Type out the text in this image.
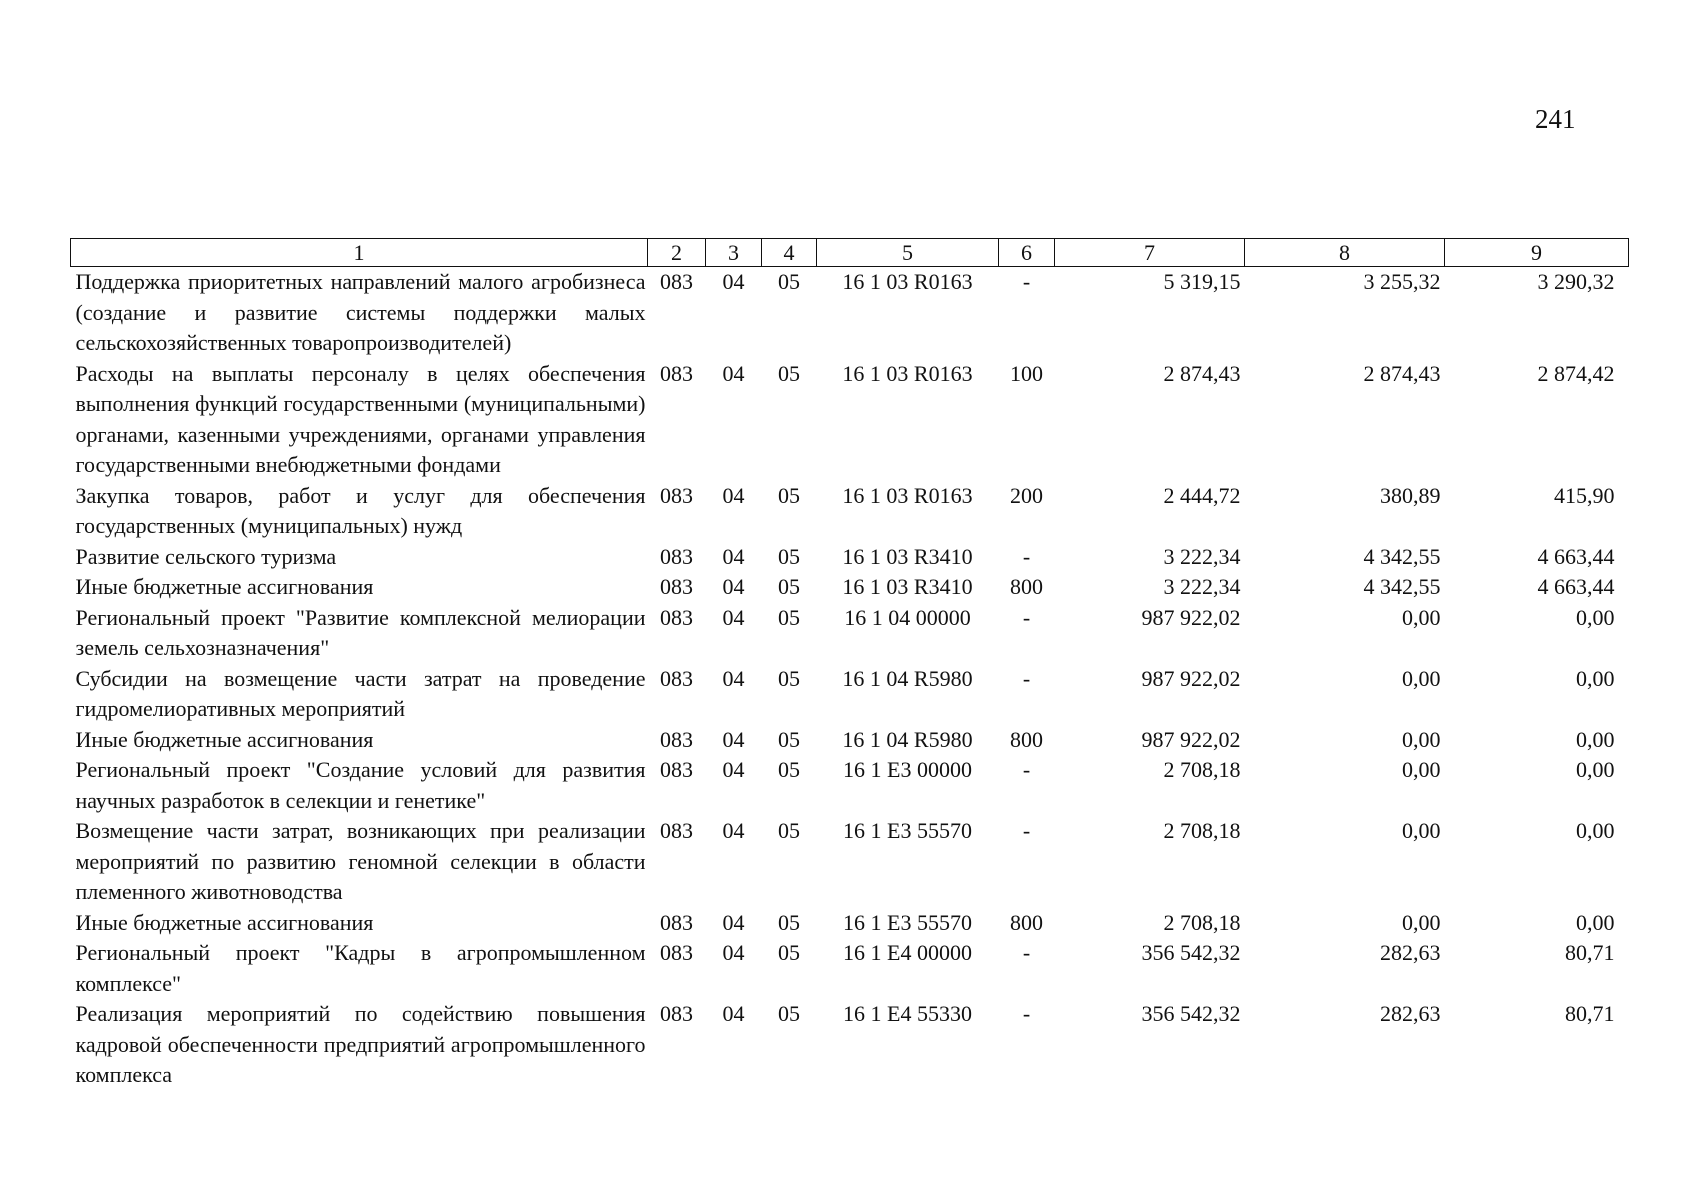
241
1	2	3	4	5	6	7	8	9
Поддержка приоритетных направлений малого агробизнеса (создание и развитие системы поддержки малых сельскохозяйственных товаропроизводителей)	083	04	05	16 1 03 R0163	-	5 319,15	3 255,32	3 290,32
Расходы на выплаты персоналу в целях обеспечения выполнения функций государственными (муниципальными) органами, казенными учреждениями, органами управления государственными внебюджетными фондами	083	04	05	16 1 03 R0163	100	2 874,43	2 874,43	2 874,42
Закупка товаров, работ и услуг для обеспечения государственных (муниципальных) нужд	083	04	05	16 1 03 R0163	200	2 444,72	380,89	415,90
Развитие сельского туризма	083	04	05	16 1 03 R3410	-	3 222,34	4 342,55	4 663,44
Иные бюджетные ассигнования	083	04	05	16 1 03 R3410	800	3 222,34	4 342,55	4 663,44
Региональный проект "Развитие комплексной мелиорации земель сельхозназначения"	083	04	05	16 1 04 00000	-	987 922,02	0,00	0,00
Субсидии на возмещение части затрат на проведение гидромелиоративных мероприятий	083	04	05	16 1 04 R5980	-	987 922,02	0,00	0,00
Иные бюджетные ассигнования	083	04	05	16 1 04 R5980	800	987 922,02	0,00	0,00
Региональный проект "Создание условий для развития научных разработок в селекции и генетике"	083	04	05	16 1 E3 00000	-	2 708,18	0,00	0,00
Возмещение части затрат, возникающих при реализации мероприятий по развитию геномной селекции в области племенного животноводства	083	04	05	16 1 E3 55570	-	2 708,18	0,00	0,00
Иные бюджетные ассигнования	083	04	05	16 1 E3 55570	800	2 708,18	0,00	0,00
Региональный проект "Кадры в агропромышленном комплексе"	083	04	05	16 1 E4 00000	-	356 542,32	282,63	80,71
Реализация мероприятий по содействию повышения кадровой обеспеченности предприятий агропромышленного комплекса	083	04	05	16 1 E4 55330	-	356 542,32	282,63	80,71
